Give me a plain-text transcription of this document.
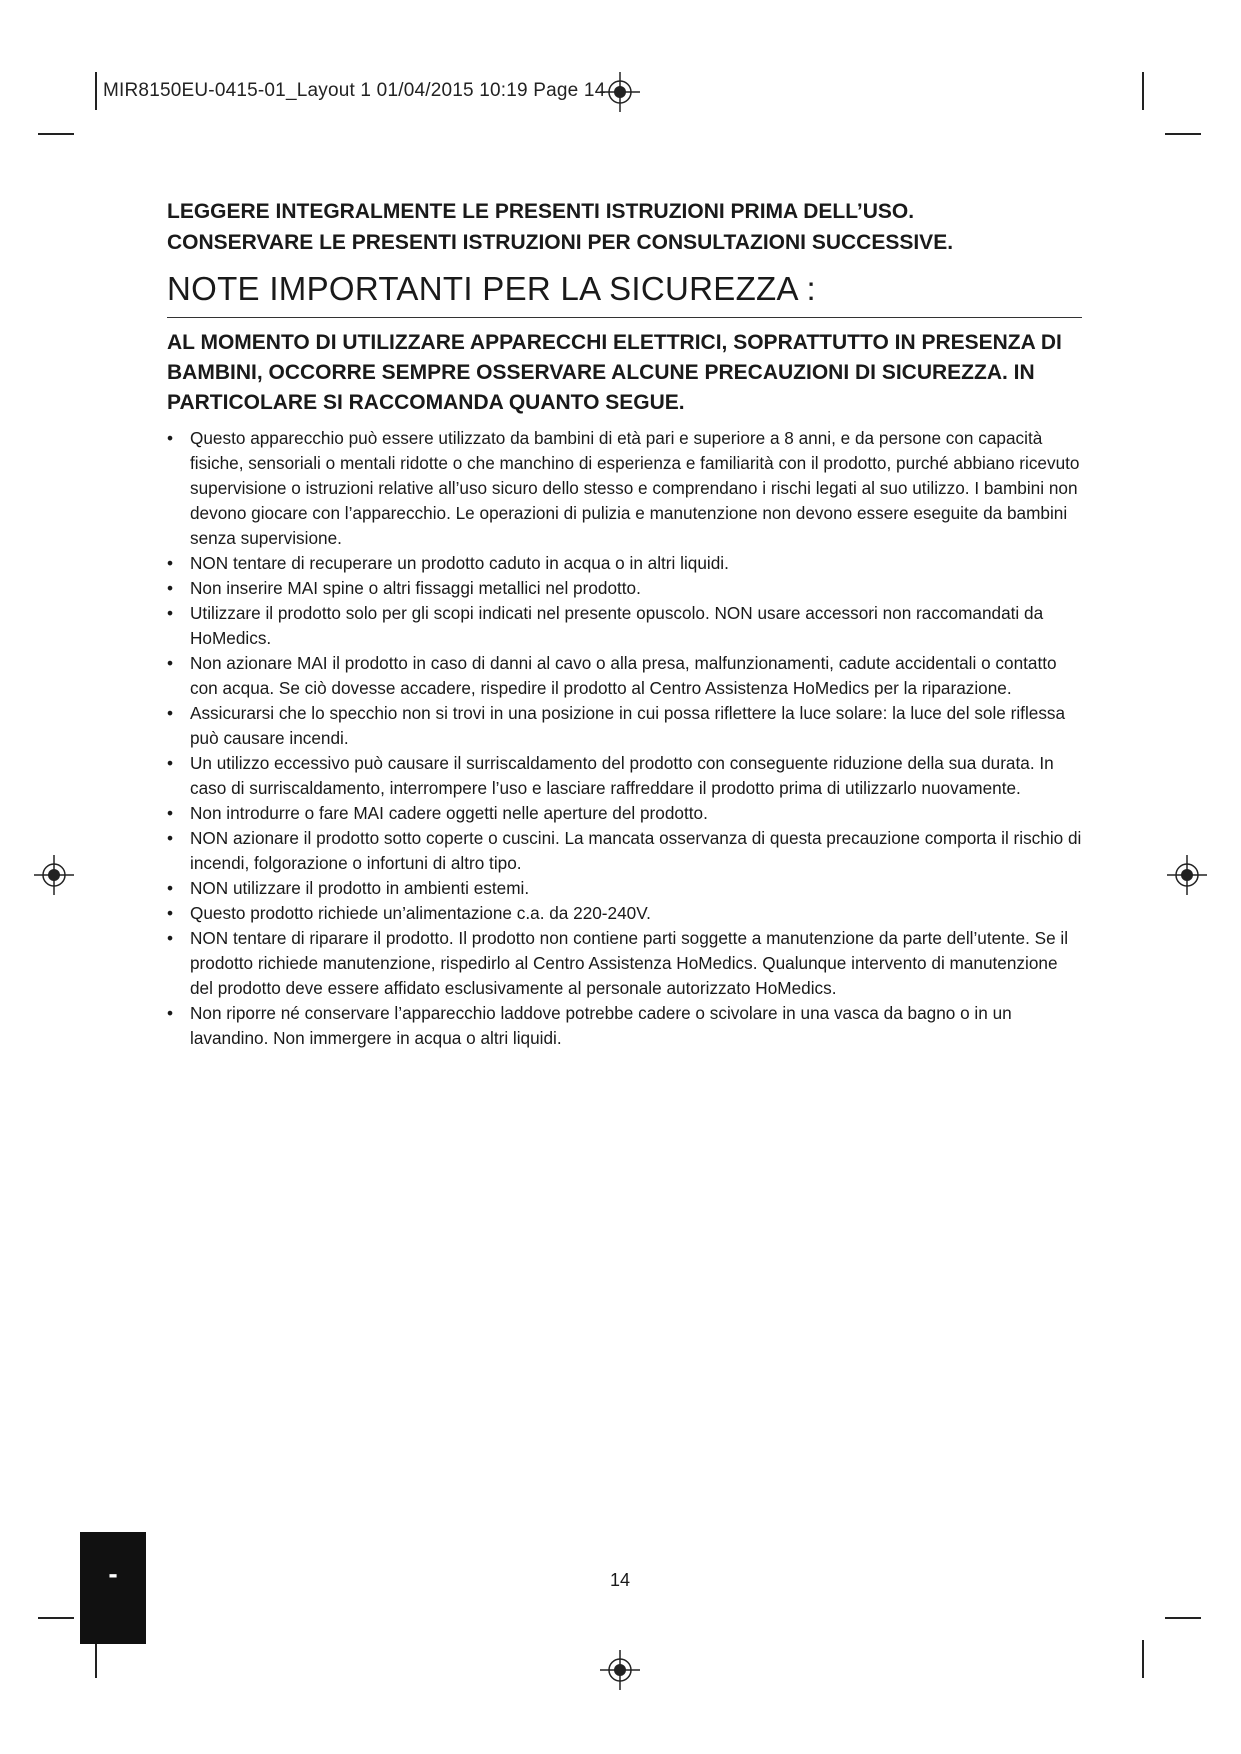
MIR8150EU-0415-01_Layout 1 01/04/2015 10:19 Page 14

LEGGERE INTEGRALMENTE LE PRESENTI ISTRUZIONI PRIMA DELL’USO.
CONSERVARE LE PRESENTI ISTRUZIONI PER CONSULTAZIONI SUCCESSIVE.

NOTE IMPORTANTI PER LA SICUREZZA :

AL MOMENTO DI UTILIZZARE APPARECCHI ELETTRICI, SOPRATTUTTO IN PRESENZA DI BAMBINI, OCCORRE SEMPRE OSSERVARE ALCUNE PRECAUZIONI DI SICUREZZA. IN PARTICOLARE SI RACCOMANDA QUANTO SEGUE.

• Questo apparecchio può essere utilizzato da bambini di età pari e superiore a 8 anni, e da persone con capacità fisiche, sensoriali o mentali ridotte o che manchino di esperienza e familiarità con il prodotto, purché abbiano ricevuto supervisione o istruzioni relative all’uso sicuro dello stesso e comprendano i rischi legati al suo utilizzo. I bambini non devono giocare con l’apparecchio. Le operazioni di pulizia e manutenzione non devono essere eseguite da bambini senza supervisione.
• NON tentare di recuperare un prodotto caduto in acqua o in altri liquidi.
• Non inserire MAI spine o altri fissaggi metallici nel prodotto.
• Utilizzare il prodotto solo per gli scopi indicati nel presente opuscolo. NON usare accessori non raccomandati da HoMedics.
• Non azionare MAI il prodotto in caso di danni al cavo o alla presa, malfunzionamenti, cadute accidentali o contatto con acqua. Se ciò dovesse accadere, rispedire il prodotto al Centro Assistenza HoMedics per la riparazione.
• Assicurarsi che lo specchio non si trovi in una posizione in cui possa riflettere la luce solare: la luce del sole riflessa può causare incendi.
• Un utilizzo eccessivo può causare il surriscaldamento del prodotto con conseguente riduzione della sua durata. In caso di surriscaldamento, interrompere l’uso e lasciare raffreddare il prodotto prima di utilizzarlo nuovamente.
• Non introdurre o fare MAI cadere oggetti nelle aperture del prodotto.
• NON azionare il prodotto sotto coperte o cuscini. La mancata osservanza di questa precauzione comporta il rischio di incendi, folgorazione o infortuni di altro tipo.
• NON utilizzare il prodotto in ambienti estemi.
• Questo prodotto richiede un’alimentazione c.a. da 220-240V.
• NON tentare di riparare il prodotto. Il prodotto non contiene parti soggette a manutenzione da parte dell’utente. Se il prodotto richiede manutenzione, rispedirlo al Centro Assistenza HoMedics. Qualunque intervento di manutenzione del prodotto deve essere affidato esclusivamente al personale autorizzato HoMedics.
• Non riporre né conservare l’apparecchio laddove potrebbe cadere o scivolare in una vasca da bagno o in un lavandino. Non immergere in acqua o altri liquidi.
-	14
